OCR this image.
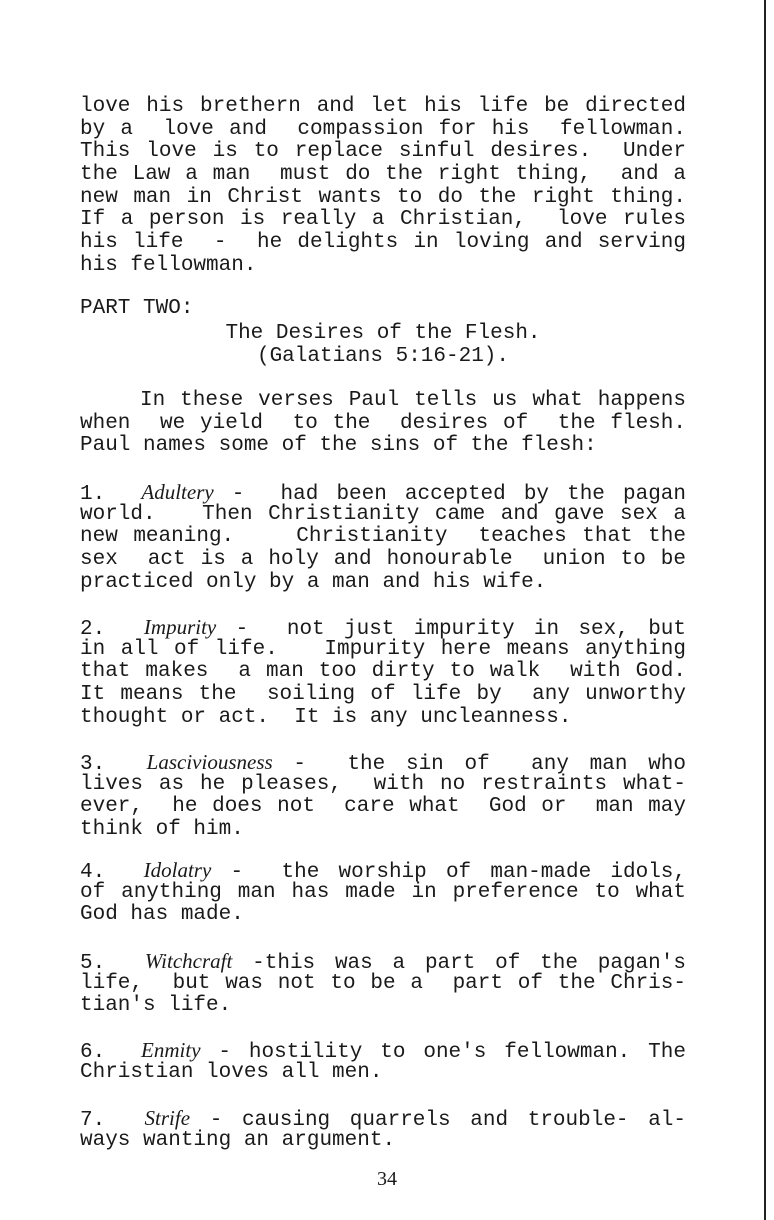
love his brethern and let his life be directed
by a  love and  compassion for his  fellowman.
This love is to replace sinful desires.  Under
the Law a man  must do the right thing,  and a
new man in Christ wants to do the right thing.
If a person is really a Christian,  love rules
his life  -  he delights in loving and serving
his fellowman.
PART TWO:
The Desires of the Flesh.
(Galatians 5:16-21).
In these verses Paul tells us what happens
when  we yield  to the  desires of  the flesh.
Paul names some of the sins of the flesh:
1. Adultery -  had been accepted by the pagan
world.   Then Christianity came and gave sex a
new meaning.    Christianity  teaches that the
sex  act is a holy and honourable  union to be
practiced only by a man and his wife.
2. Impurity -  not just impurity in sex, but
in all of life.   Impurity here means anything
that makes  a man too dirty to walk  with God.
It means the  soiling of life by  any unworthy
thought or act.  It is any uncleanness.
3. Lasciviousness -  the sin of  any man who
lives as he pleases,  with no restraints what-
ever,  he does not  care what  God or  man may
think of him.
4. Idolatry -  the worship of man-made idols,
of anything man has made in preference to what
God has made.
5. Witchcraft -this was a part of the pagan's
life,  but was not to be a  part of the Chris-
tian's life.
6. Enmity - hostility to one's fellowman. The
Christian loves all men.
7. Strife - causing quarrels and trouble- al-
ways wanting an argument.
34
